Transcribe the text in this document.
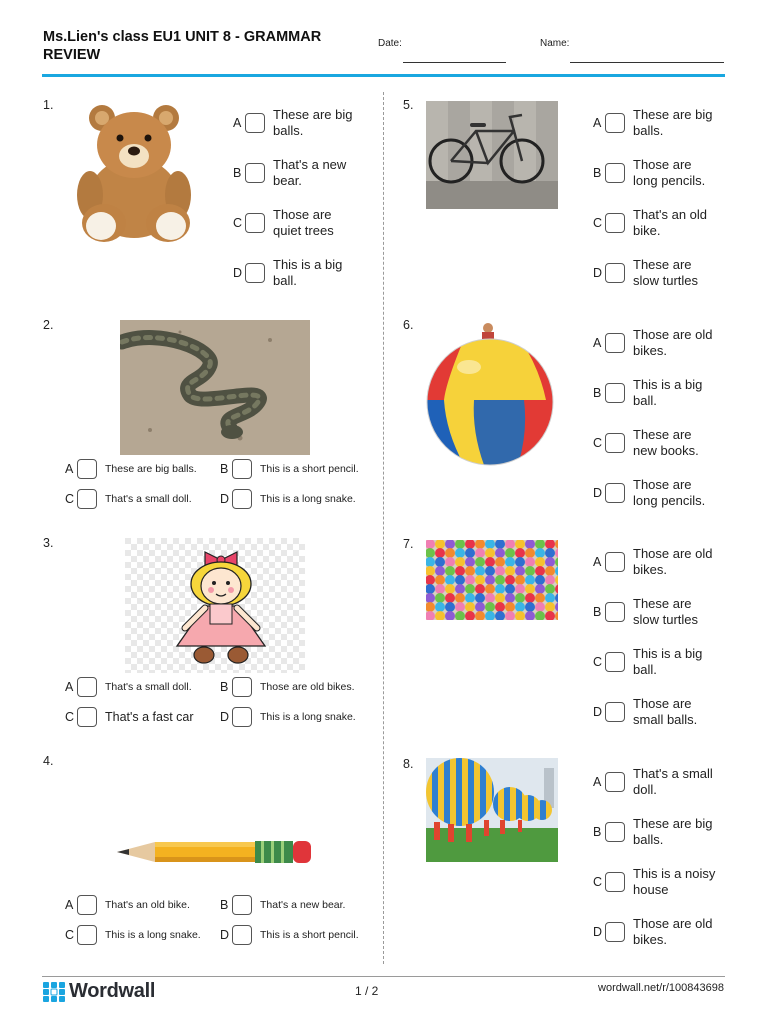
Ms.Lien's class EU1 UNIT 8 - GRAMMAR
REVIEW
Date:	Name:
1.
A
These are big
balls.
B
That's a new
bear.
C
Those are
quiet trees
D
This is a big
ball.
2.
A	These are big balls. B	This is a short pencil.
C	That's a small doll. D	This is a long snake.
3.
A	That's a small doll. B	Those are old bikes.
C That's a fast car D	This is a long snake.
4.
A	That's an old bike. B	That's a new bear.
C	This is a long snake. D	This is a short pencil.
5.
A
These are big
balls.
B
Those are
long pencils.
C
That's an old
bike.
D
These are
slow turtles
6.
A
Those are old
bikes.
B
This is a big
ball.
C
These are
new books.
D
Those are
long pencils.
7.
A
Those are old
bikes.
B
These are
slow turtles
C
This is a big
ball.
D
Those are
small balls.
8.
A
That's a small
doll.
B
These are big
balls.
C
This is a noisy
house
D
Those are old
bikes.
Wordwall	1 / 2	wordwall.net/r/100843698
